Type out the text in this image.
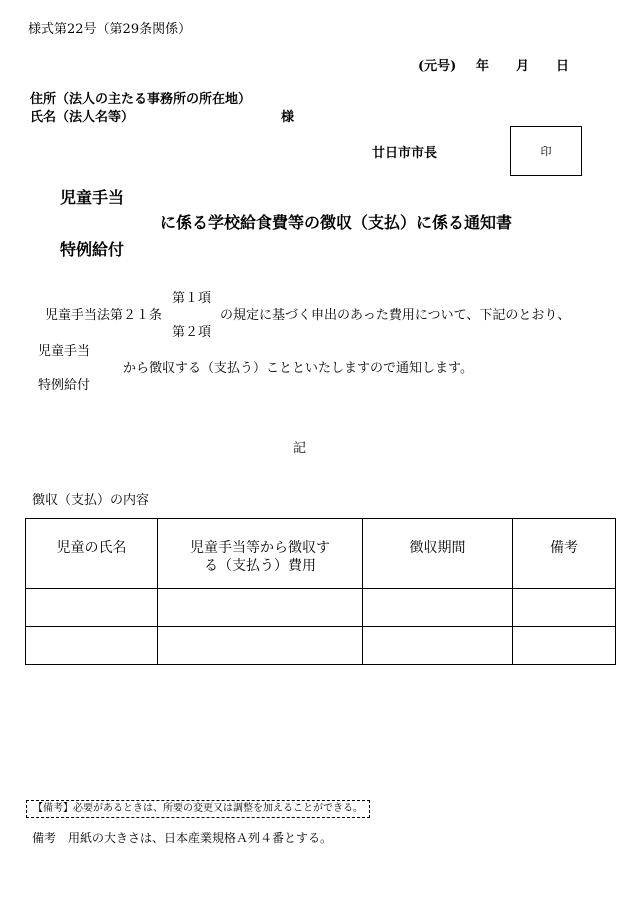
様式第22号（第29条関係）
(元号) 年 月 日
住所（法人の主たる事務所の所在地）
氏名（法人名等）	様
廿日市市長	印
児童手当
に係る学校給食費等の徴収（支払）に係る通知書
特例給付
第１項
児童手当法第２１条	の規定に基づく申出のあった費用について、下記のとおり、
第２項
児童手当
から徴収する（支払う）ことといたしますので通知します。
特例給付
記
徴収（支払）の内容
児童の氏名	児童手当等から徴収する（支払う）費用	徴収期間	備考

【備考】必要があるときは、所要の変更又は調整を加えることができる。
備考　用紙の大きさは、日本産業規格Ａ列４番とする。
